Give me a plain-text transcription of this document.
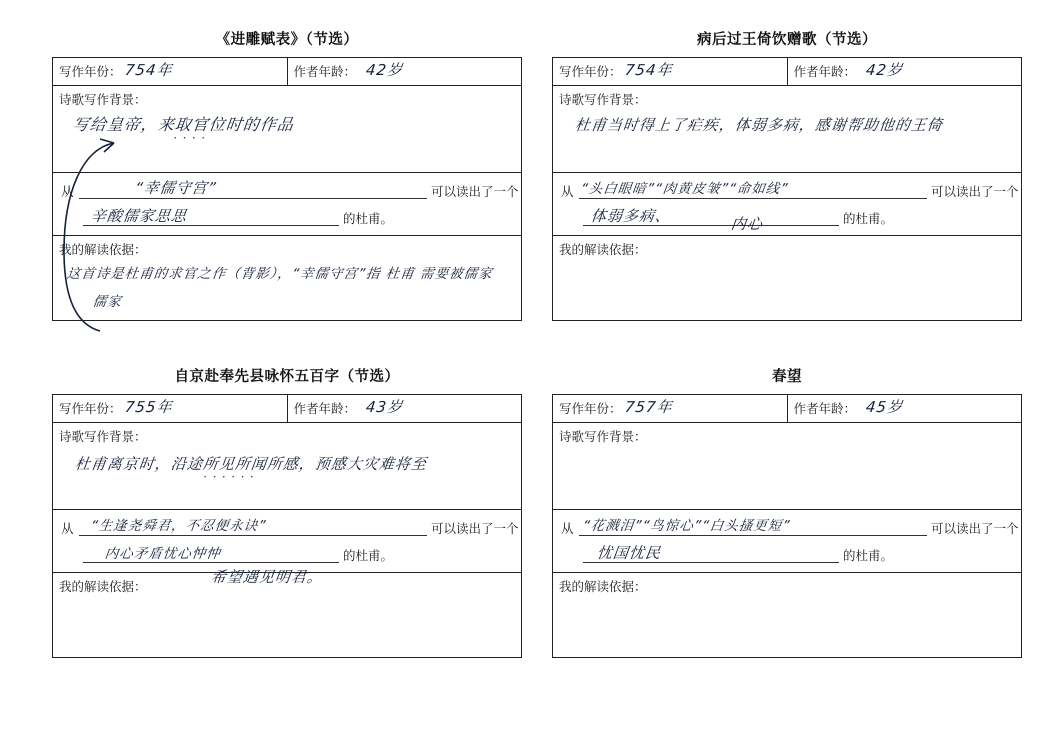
《进雕赋表》（节选）
写作年份： 754年	作者年龄： 42岁

诗歌写作背景：
写给皇帝，来取官位时的作品
····

从	“幸儒守宫”	可以读出了一个
辛酸儒家思思	的杜甫。

我的解读依据：
这首诗是杜甫的求官之作（背影），“幸儒守宫”指 杜甫 需要被儒家
儒家
病后过王倚饮赠歌（节选）
写作年份： 754年	作者年龄： 42岁

诗歌写作背景：
杜甫当时得上了疟疾，体弱多病，感谢帮助他的王倚

从 “头白眼暗”“肉黄皮皱”“命如线”	可以读出了一个
体弱多病、	内心	的杜甫。

我的解读依据：
自京赴奉先县咏怀五百字（节选）
写作年份： 755年	作者年龄： 43岁

诗歌写作背景：
杜甫离京时，沿途所见所闻所感，预感大灾难将至
······

从 “生逢尧舜君，不忍便永诀”	可以读出了一个
内心矛盾忧心忡忡	的杜甫。
希望遇见明君。

我的解读依据：
春望
写作年份： 757年	作者年龄： 45岁

诗歌写作背景：

从 “花溅泪”“鸟惊心”“白头搔更短”	可以读出了一个
忧国忧民	的杜甫。

我的解读依据：
